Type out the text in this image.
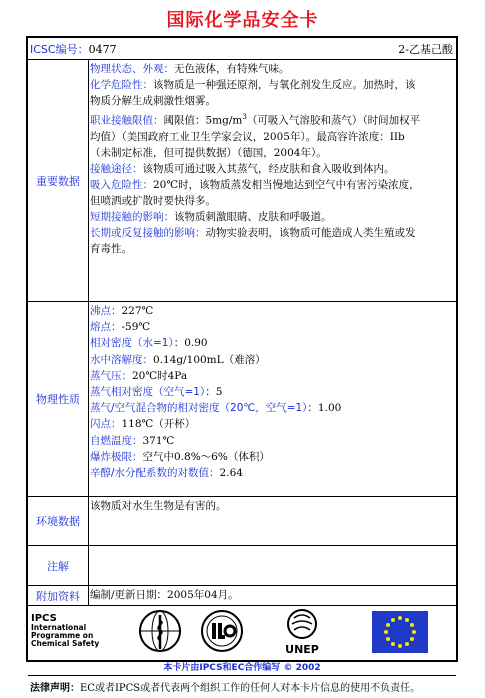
国际化学品安全卡
ICSC编号：0477	2-乙基己酸
重要数据
物理状态、外观：无色液体，有特殊气味。
化学危险性：该物质是一种强还原剂，与氧化剂发生反应。加热时，该
物质分解生成刺激性烟雾。
职业接触限值：阈限值：$5mg/m^3$（可吸入气溶胶和蒸气）（时间加权平
均值）（美国政府工业卫生学家会议，2005年）。最高容许浓度：IIb
（未制定标准，但可提供数据）（德国，2004年）。
接触途径：该物质可通过吸入其蒸气，经皮肤和食入吸收到体内。
吸入危险性：20℃时，该物质蒸发相当慢地达到空气中有害污染浓度，
但喷洒或扩散时要快得多。
短期接触的影响：该物质刺激眼睛、皮肤和呼吸道。
长期或反复接触的影响：动物实验表明，该物质可能造成人类生殖或发
育毒性。
物理性质
沸点：227℃
熔点：-59℃
相对密度（水=1）：0.90
水中溶解度：0.14g/100mL（难溶）
蒸气压：20℃时4Pa
蒸气相对密度（空气=1）：5
蒸气/空气混合物的相对密度（20℃，空气=1）：1.00
闪点：118℃（开杯）
自燃温度：371℃
爆炸极限：空气中0.8%～6%（体积）
辛醇/水分配系数的对数值：2.64
环境数据
该物质对水生生物是有害的。
注解
附加资料 编制/更新日期：2005年04月。
IPCS
International
Programme on
Chemical Safety	UNEP
本卡片由IPCS和EC合作编写 © 2002
法律声明：EC或者IPCS或者代表两个组织工作的任何人对本卡片信息的使用不负责任。
